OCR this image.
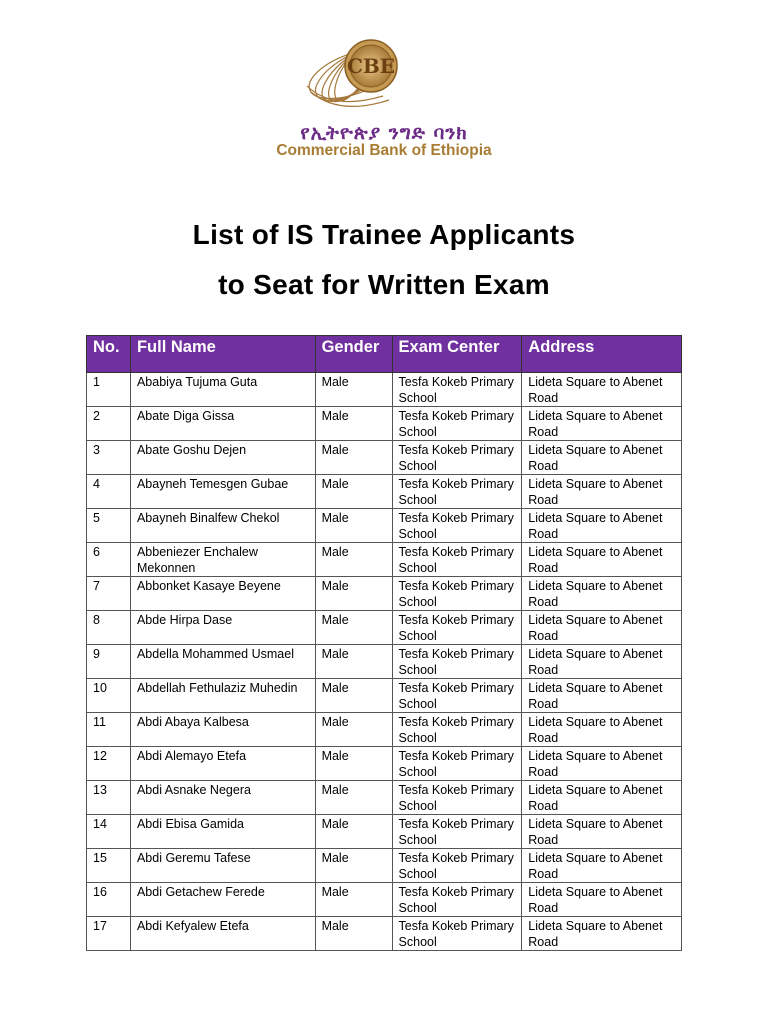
CBE
የኢትዮጵያ ንግድ ባንክ
Commercial Bank of Ethiopia
List of IS Trainee Applicants
to Seat for Written Exam
No.	Full Name	Gender	Exam Center	Address
1	Ababiya Tujuma Guta	Male	Tesfa Kokeb Primary School	Lideta Square to Abenet Road
2	Abate Diga Gissa	Male	Tesfa Kokeb Primary School	Lideta Square to Abenet Road
3	Abate Goshu Dejen	Male	Tesfa Kokeb Primary School	Lideta Square to Abenet Road
4	Abayneh Temesgen Gubae	Male	Tesfa Kokeb Primary School	Lideta Square to Abenet Road
5	Abayneh Binalfew Chekol	Male	Tesfa Kokeb Primary School	Lideta Square to Abenet Road
6	Abbeniezer Enchalew Mekonnen	Male	Tesfa Kokeb Primary School	Lideta Square to Abenet Road
7	Abbonket Kasaye Beyene	Male	Tesfa Kokeb Primary School	Lideta Square to Abenet Road
8	Abde Hirpa Dase	Male	Tesfa Kokeb Primary School	Lideta Square to Abenet Road
9	Abdella Mohammed Usmael	Male	Tesfa Kokeb Primary School	Lideta Square to Abenet Road
10	Abdellah Fethulaziz Muhedin	Male	Tesfa Kokeb Primary School	Lideta Square to Abenet Road
11	Abdi Abaya Kalbesa	Male	Tesfa Kokeb Primary School	Lideta Square to Abenet Road
12	Abdi Alemayo Etefa	Male	Tesfa Kokeb Primary School	Lideta Square to Abenet Road
13	Abdi Asnake Negera	Male	Tesfa Kokeb Primary School	Lideta Square to Abenet Road
14	Abdi Ebisa Gamida	Male	Tesfa Kokeb Primary School	Lideta Square to Abenet Road
15	Abdi Geremu Tafese	Male	Tesfa Kokeb Primary School	Lideta Square to Abenet Road
16	Abdi Getachew Ferede	Male	Tesfa Kokeb Primary School	Lideta Square to Abenet Road
17	Abdi Kefyalew Etefa	Male	Tesfa Kokeb Primary School	Lideta Square to Abenet Road
